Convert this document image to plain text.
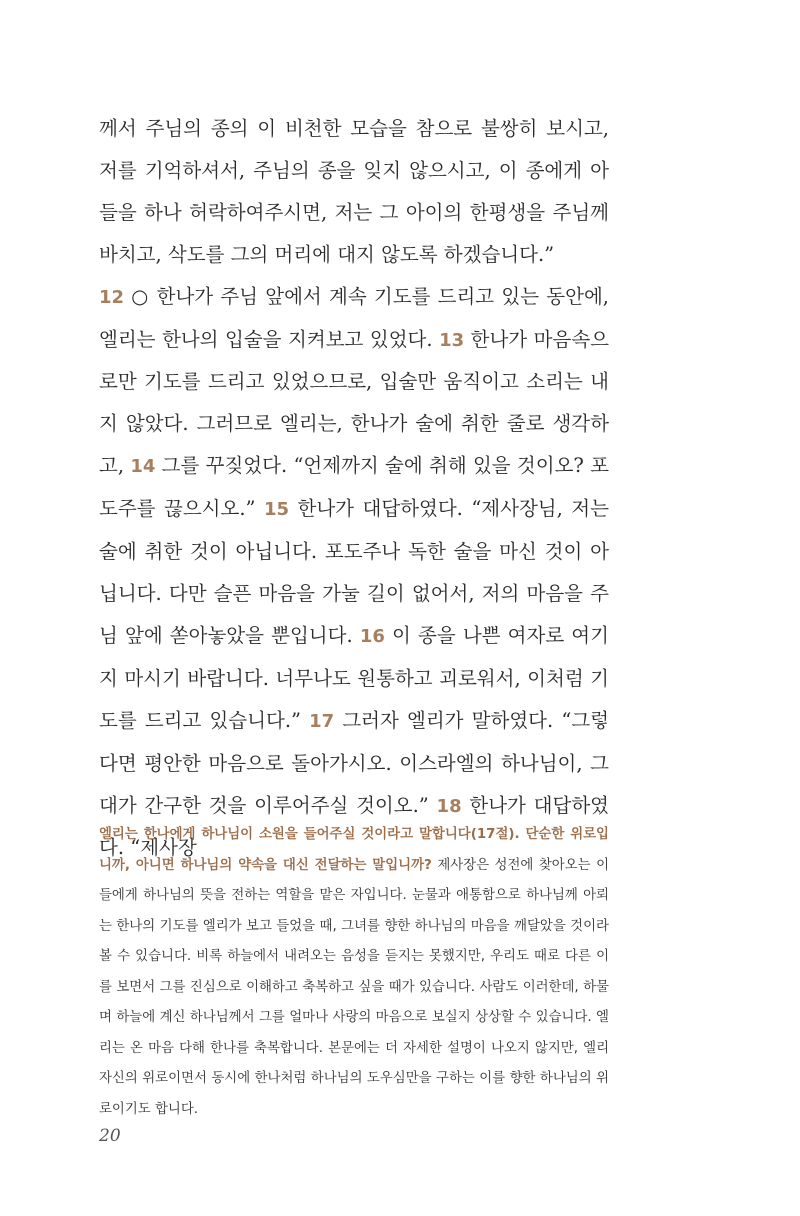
께서 주님의 종의 이 비천한 모습을 참으로 불쌍히 보시고, 저를 기억하셔서, 주님의 종을 잊지 않으시고, 이 종에게 아들을 하나 허락하여주시면, 저는 그 아이의 한평생을 주님께 바치고, 삭도를 그의 머리에 대지 않도록 하겠습니다.”

12 ○ 한나가 주님 앞에서 계속 기도를 드리고 있는 동안에, 엘리는 한나의 입술을 지켜보고 있었다. 13 한나가 마음속으로만 기도를 드리고 있었으므로, 입술만 움직이고 소리는 내지 않았다. 그러므로 엘리는, 한나가 술에 취한 줄로 생각하고, 14 그를 꾸짖었다. “언제까지 술에 취해 있을 것이오? 포도주를 끊으시오.” 15 한나가 대답하였다. “제사장님, 저는 술에 취한 것이 아닙니다. 포도주나 독한 술을 마신 것이 아닙니다. 다만 슬픈 마음을 가눌 길이 없어서, 저의 마음을 주님 앞에 쏟아놓았을 뿐입니다. 16 이 종을 나쁜 여자로 여기지 마시기 바랍니다. 너무나도 원통하고 괴로워서, 이처럼 기도를 드리고 있습니다.” 17 그러자 엘리가 말하였다. “그렇다면 평안한 마음으로 돌아가시오. 이스라엘의 하나님이, 그대가 간구한 것을 이루어주실 것이오.” 18 한나가 대답하였다. “제사장

엘리는 한나에게 하나님이 소원을 들어주실 것이라고 말합니다(17절). 단순한 위로입니까, 아니면 하나님의 약속을 대신 전달하는 말입니까? 제사장은 성전에 찾아오는 이들에게 하나님의 뜻을 전하는 역할을 맡은 자입니다. 눈물과 애통함으로 하나님께 아뢰는 한나의 기도를 엘리가 보고 들었을 때, 그녀를 향한 하나님의 마음을 깨달았을 것이라 볼 수 있습니다. 비록 하늘에서 내려오는 음성을 듣지는 못했지만, 우리도 때로 다른 이를 보면서 그를 진심으로 이해하고 축복하고 싶을 때가 있습니다. 사람도 이러한데, 하물며 하늘에 계신 하나님께서 그를 얼마나 사랑의 마음으로 보실지 상상할 수 있습니다. 엘리는 온 마음 다해 한나를 축복합니다. 본문에는 더 자세한 설명이 나오지 않지만, 엘리 자신의 위로이면서 동시에 한나처럼 하나님의 도우심만을 구하는 이를 향한 하나님의 위로이기도 합니다.

20
